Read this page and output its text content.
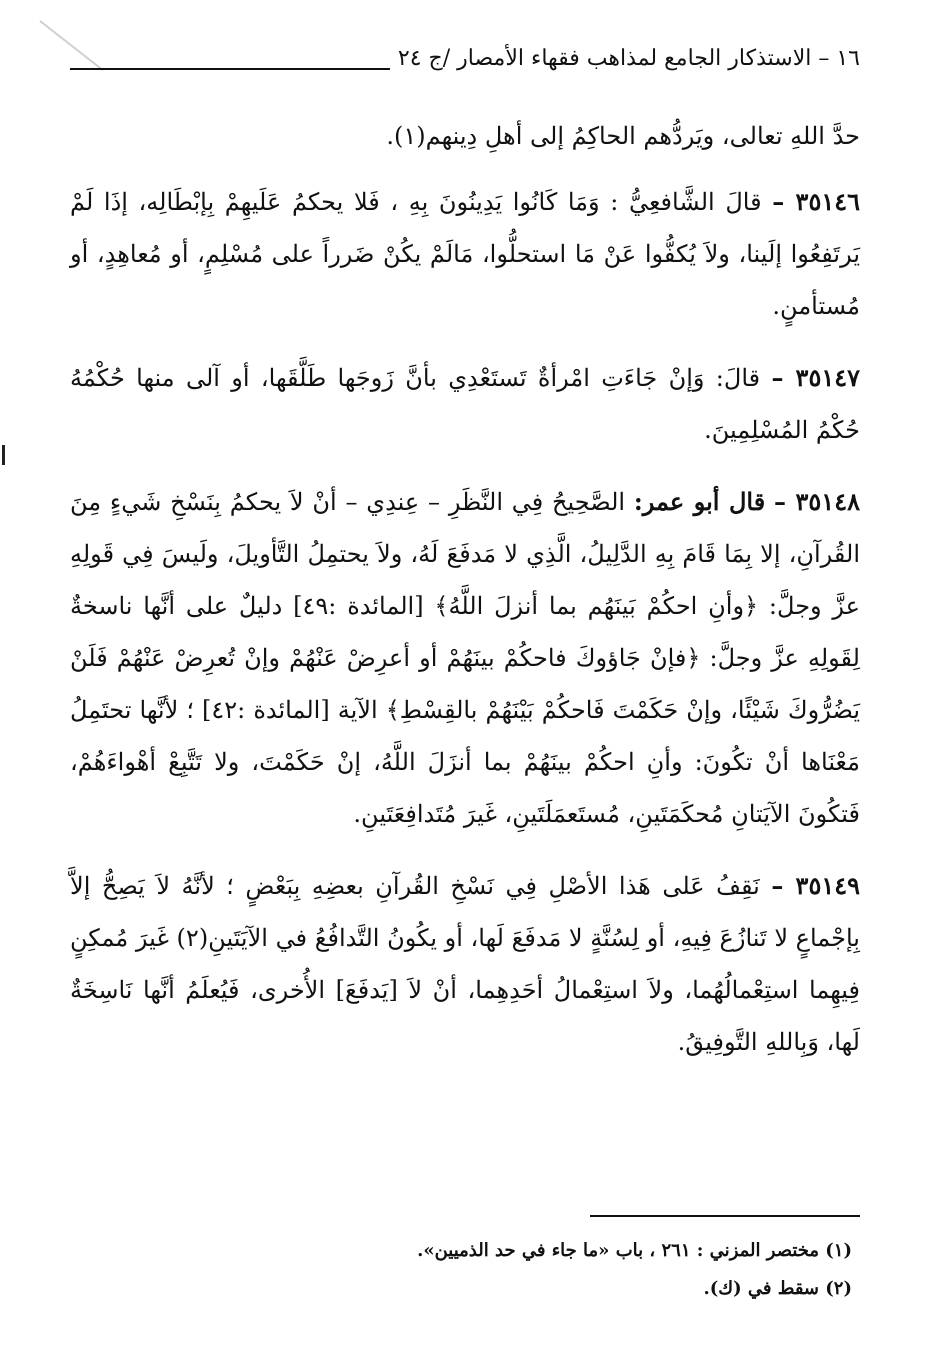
١٦ – الاستذكار الجامع لمذاهب فقهاء الأمصار /ج ٢٤

حدَّ اللهِ تعالى، ويَردُّهم الحاكِمُ إلى أهلِ دِينهم(١).

٣٥١٤٦ – قالَ الشَّافعِيُّ : وَمَا كَانُوا يَدِينُونَ بِهِ ، فَلا يحكمُ عَلَيهِمْ بِإبْطَالِه، إذَا لَمْ يَرتَفِعُوا إلَينا، ولاَ يُكفُّوا عَنْ مَا استحلُّوا، مَالَمْ يكُنْ ضَرراً على مُسْلِمٍ، أو مُعاهِدٍ، أو مُستأمنٍ.

٣٥١٤٧ – قالَ: وَإنْ جَاءَتِ امْرأةٌ تَستَعْدِي بأنَّ زَوجَها طَلَّقَها، أو آلى منها حُكْمُهُ حُكْمُ المُسْلِمِينَ.

٣٥١٤٨ – قال أبو عمر: الصَّحِيحُ فِي النَّظَرِ – عِندِي – أنْ لاَ يحكمُ بِنَسْخِ شَيءٍ مِنَ القُرآنِ، إلا بِمَا قَامَ بِهِ الدَّلِيلُ، الَّذِي لا مَدفَعَ لَهُ، ولاَ يحتمِلُ التَّأويلَ، ولَيسَ فِي قَولِهِ عزَّ وجلَّ: ﴿وأنِ احكُمْ بَينَهُم بما أنزلَ اللَّهُ﴾ [المائدة :٤٩] دليلٌ على أنَّها ناسخةٌ لِقَولِهِ عزَّ وجلَّ: ﴿فإنْ جَاؤوكَ فاحكُمْ بينَهُمْ أو أعرِضْ عَنْهُمْ وإنْ تُعرِضْ عَنْهُمْ فَلَنْ يَضُرُّوكَ شَيْئًا، وإنْ حَكَمْتَ فَاحكُمْ بَيْنَهُمْ بالقِسْطِ﴾ الآية [المائدة :٤٢] ؛ لأنَّها تحتَمِلُ مَعْنَاها أنْ تكُونَ: وأنِ احكُمْ بينَهُمْ بما أنزَلَ اللَّهُ، إنْ حَكَمْتَ، ولا تَتَّبِعْ أهْواءَهُمْ، فَتكُونَ الآيَتانِ مُحكَمَتَينِ، مُستَعمَلَتَينِ، غَيرَ مُتَدافِعَتَينِ.

٣٥١٤٩ – نَقِفُ عَلى هَذا الأصْلِ فِي نَسْخِ القُرآنِ بعضِهِ بِبَعْضٍ ؛ لأنَّهُ لاَ يَصِحُّ إلاَّ بِإجْماعٍ لا تَنازُعَ فِيهِ، أو لِسُنَّةٍ لا مَدفَعَ لَها، أو يكُونُ التَّدافُعُ في الآيَتَينِ(٢) غَيرَ مُمكِنٍ فِيهِما استِعْمالُهُما، ولاَ استِعْمالُ أحَدِهِما، أنْ لاَ [يَدفَعَ] الأُخرى، فَيُعلَمُ أنَّها نَاسِخَةٌ لَها، وَبِاللهِ التَّوفِيقُ.

(١) مختصر المزني : ٢٦١ ، باب «ما جاء في حد الذميين».

(٢) سقط في (ك).
